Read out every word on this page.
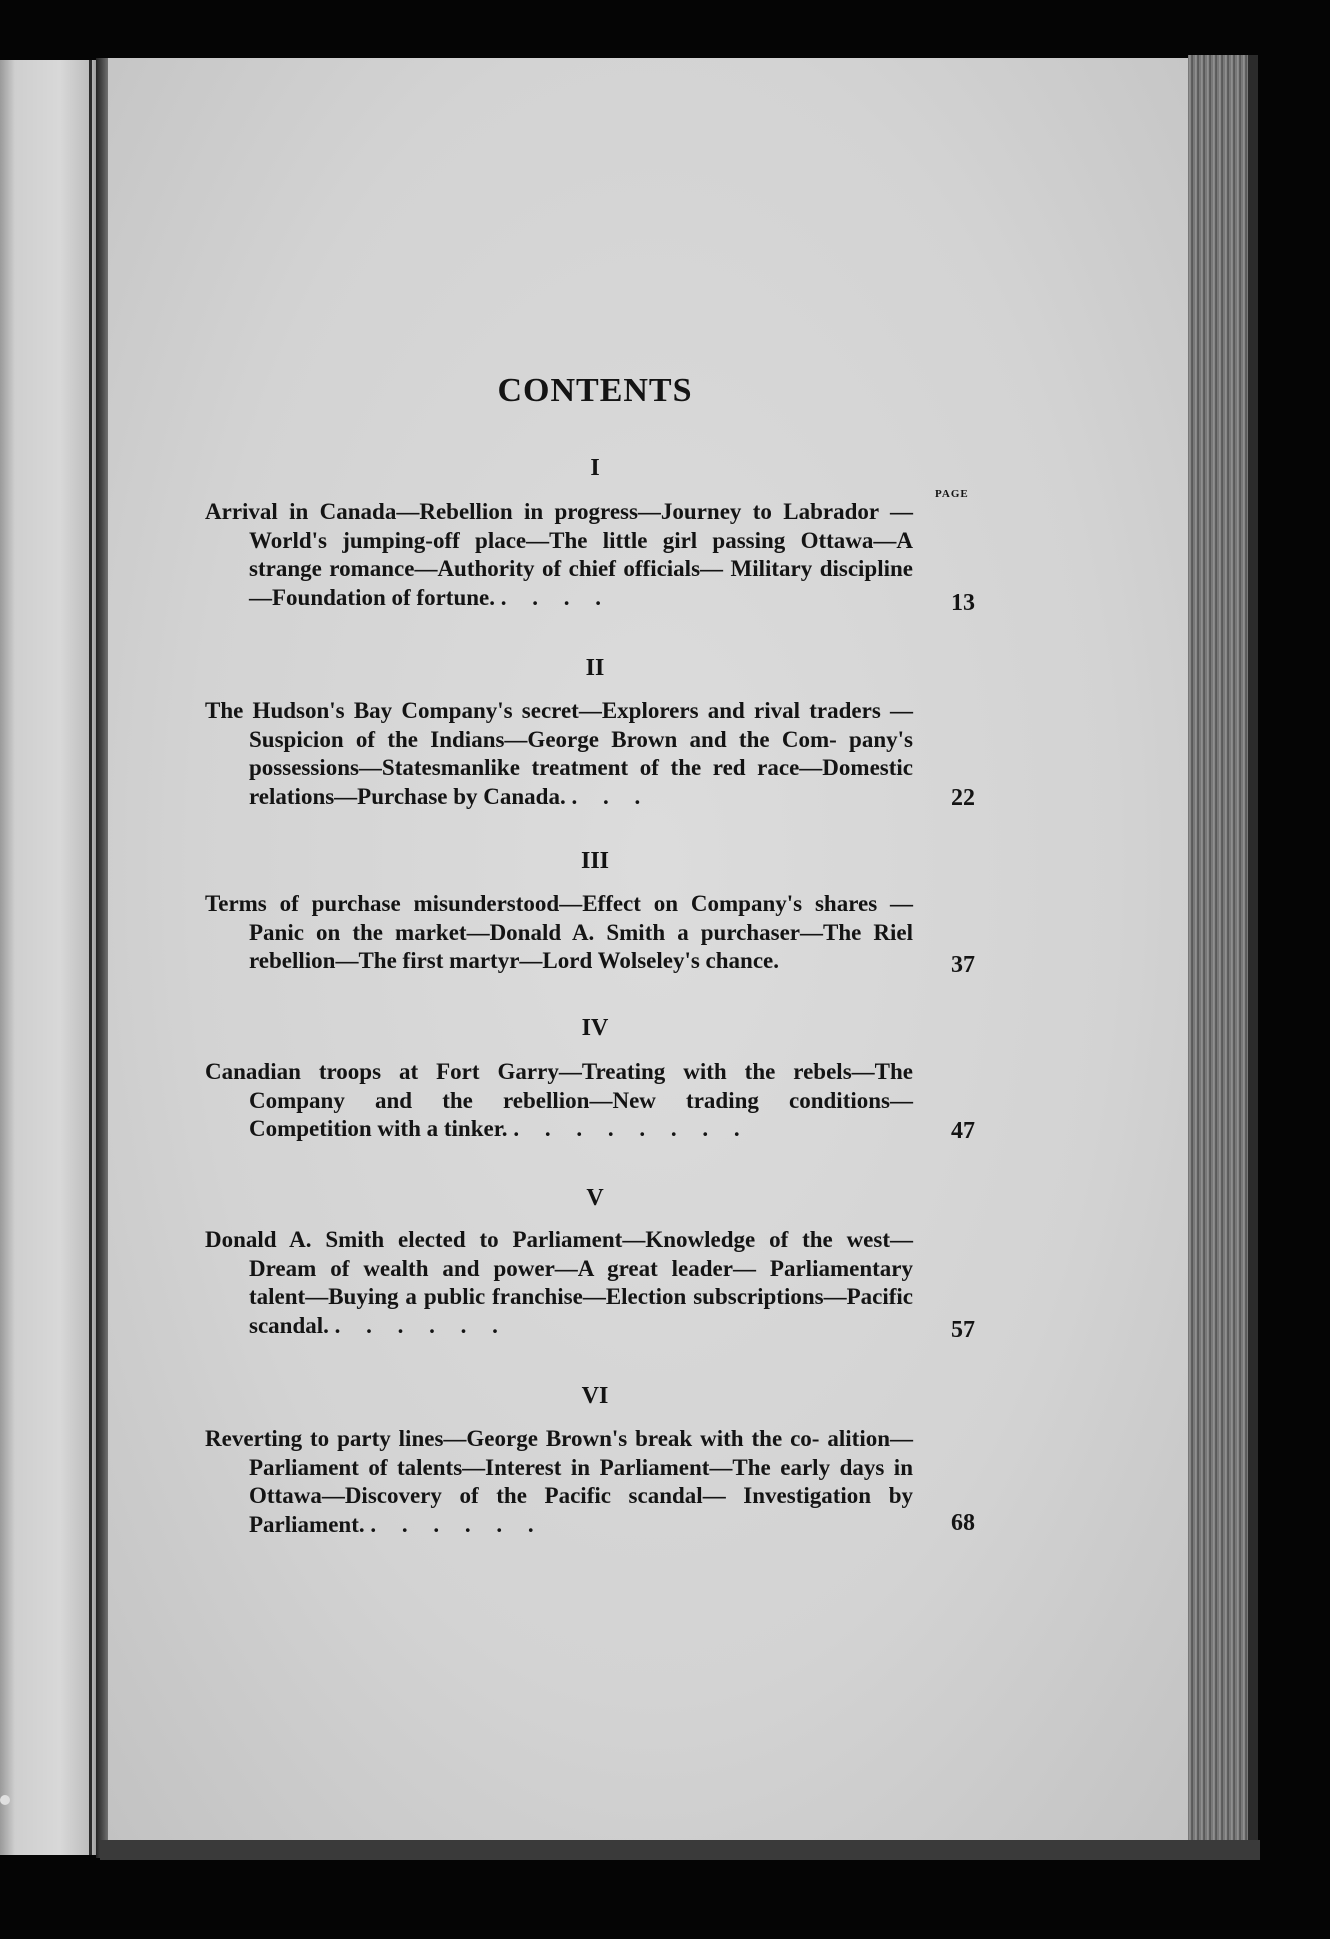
CONTENTS
PAGE
I
Arrival in Canada—Rebellion in progress—Journey to Labrador —World's jumping-off place—The little girl passing Ottawa—A strange romance—Authority of chief officials— Military discipline—Foundation of fortune. . . . .	13
II
The Hudson's Bay Company's secret—Explorers and rival traders —Suspicion of the Indians—George Brown and the Com- pany's possessions—Statesmanlike treatment of the red race—Domestic relations—Purchase by Canada. . . .	22
III
Terms of purchase misunderstood—Effect on Company's shares —Panic on the market—Donald A. Smith a purchaser—The Riel rebellion—The first martyr—Lord Wolseley's chance.	37
IV
Canadian troops at Fort Garry—Treating with the rebels—The Company and the rebellion—New trading conditions— Competition with a tinker. . . . . . . . .	47
V
Donald A. Smith elected to Parliament—Knowledge of the west—Dream of wealth and power—A great leader— Parliamentary talent—Buying a public franchise—Election subscriptions—Pacific scandal. . . . . . .	57
VI
Reverting to party lines—George Brown's break with the co- alition—Parliament of talents—Interest in Parliament—The early days in Ottawa—Discovery of the Pacific scandal— Investigation by Parliament. . . . . . .	68
